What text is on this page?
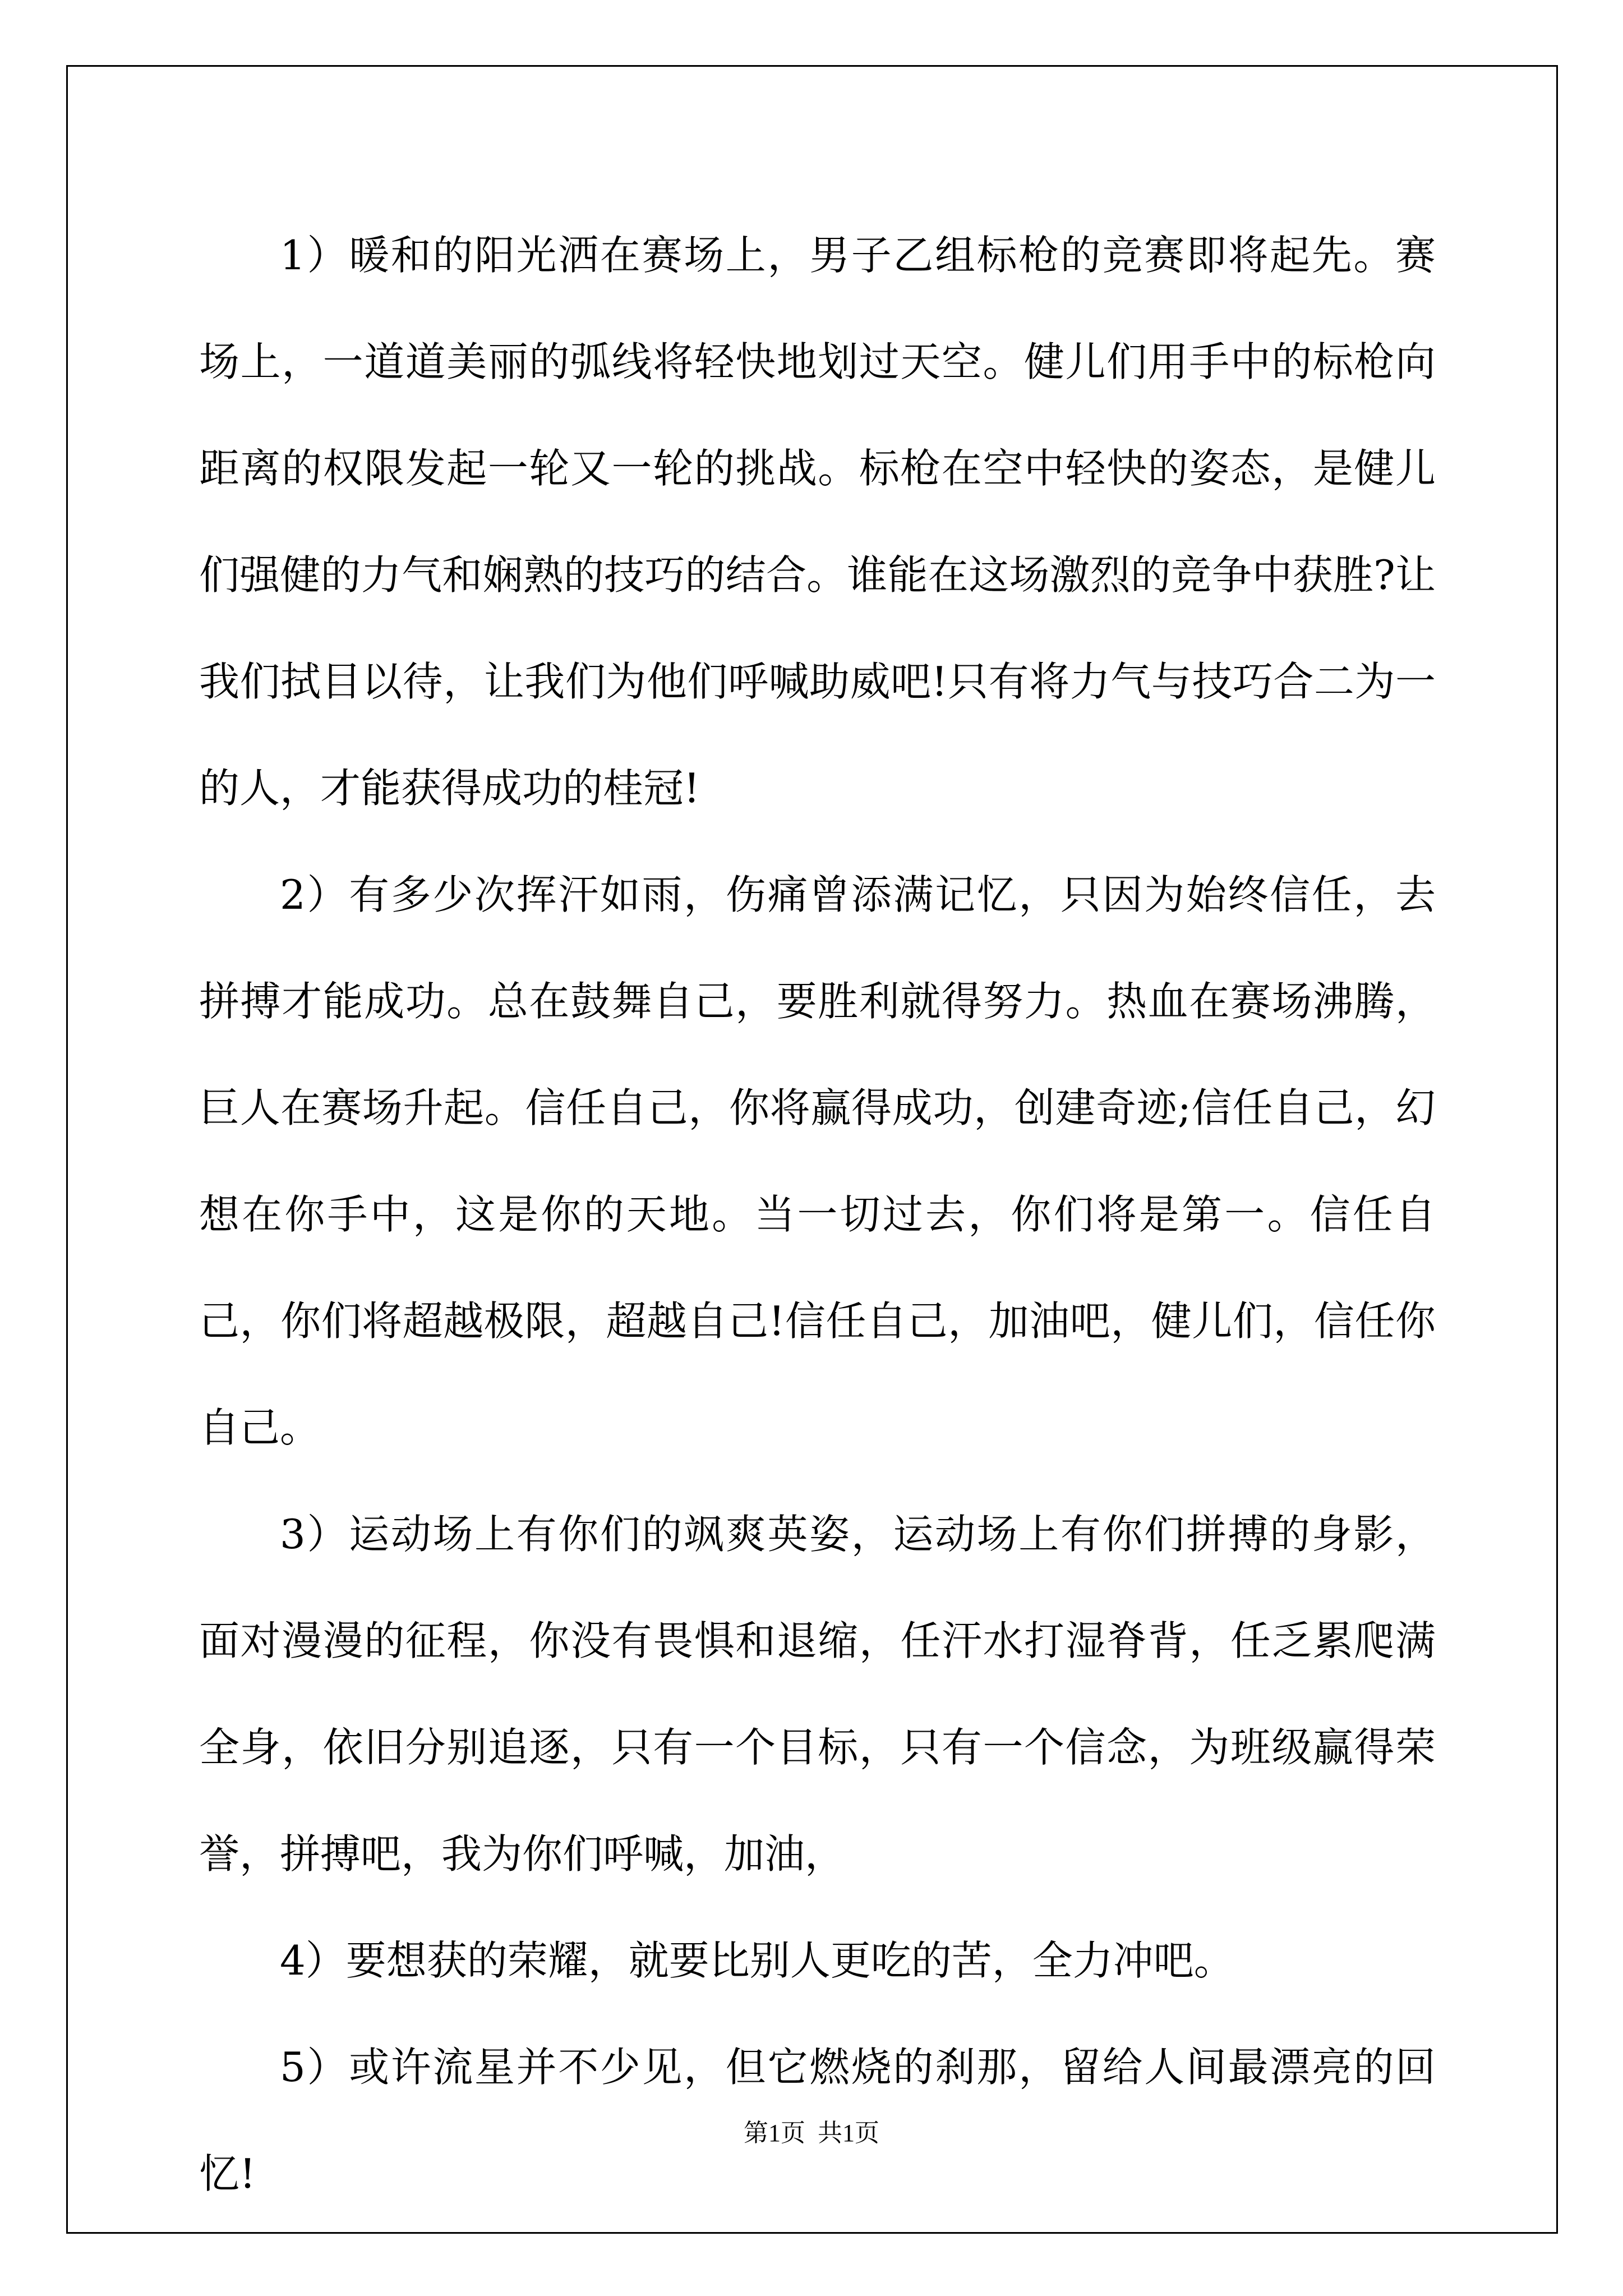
1）暖和的阳光洒在赛场上，男子乙组标枪的竞赛即将起先。赛场上，一道道美丽的弧线将轻快地划过天空。健儿们用手中的标枪向距离的权限发起一轮又一轮的挑战。标枪在空中轻快的姿态，是健儿们强健的力气和娴熟的技巧的结合。谁能在这场激烈的竞争中获胜?让我们拭目以待，让我们为他们呼喊助威吧!只有将力气与技巧合二为一的人，才能获得成功的桂冠!

2）有多少次挥汗如雨，伤痛曾添满记忆，只因为始终信任，去拼搏才能成功。总在鼓舞自己，要胜利就得努力。热血在赛场沸腾，巨人在赛场升起。信任自己，你将赢得成功，创建奇迹;信任自己，幻想在你手中，这是你的天地。当一切过去，你们将是第一。信任自己，你们将超越极限，超越自己!信任自己，加油吧，健儿们，信任你自己。

3）运动场上有你们的飒爽英姿，运动场上有你们拼搏的身影，面对漫漫的征程，你没有畏惧和退缩，任汗水打湿脊背，任乏累爬满全身，依旧分别追逐，只有一个目标，只有一个信念，为班级赢得荣誉，拼搏吧，我为你们呼喊，加油，

4）要想获的荣耀，就要比别人更吃的苦，全力冲吧。

5）或许流星并不少见，但它燃烧的刹那，留给人间最漂亮的回忆!

第1页  共1页
